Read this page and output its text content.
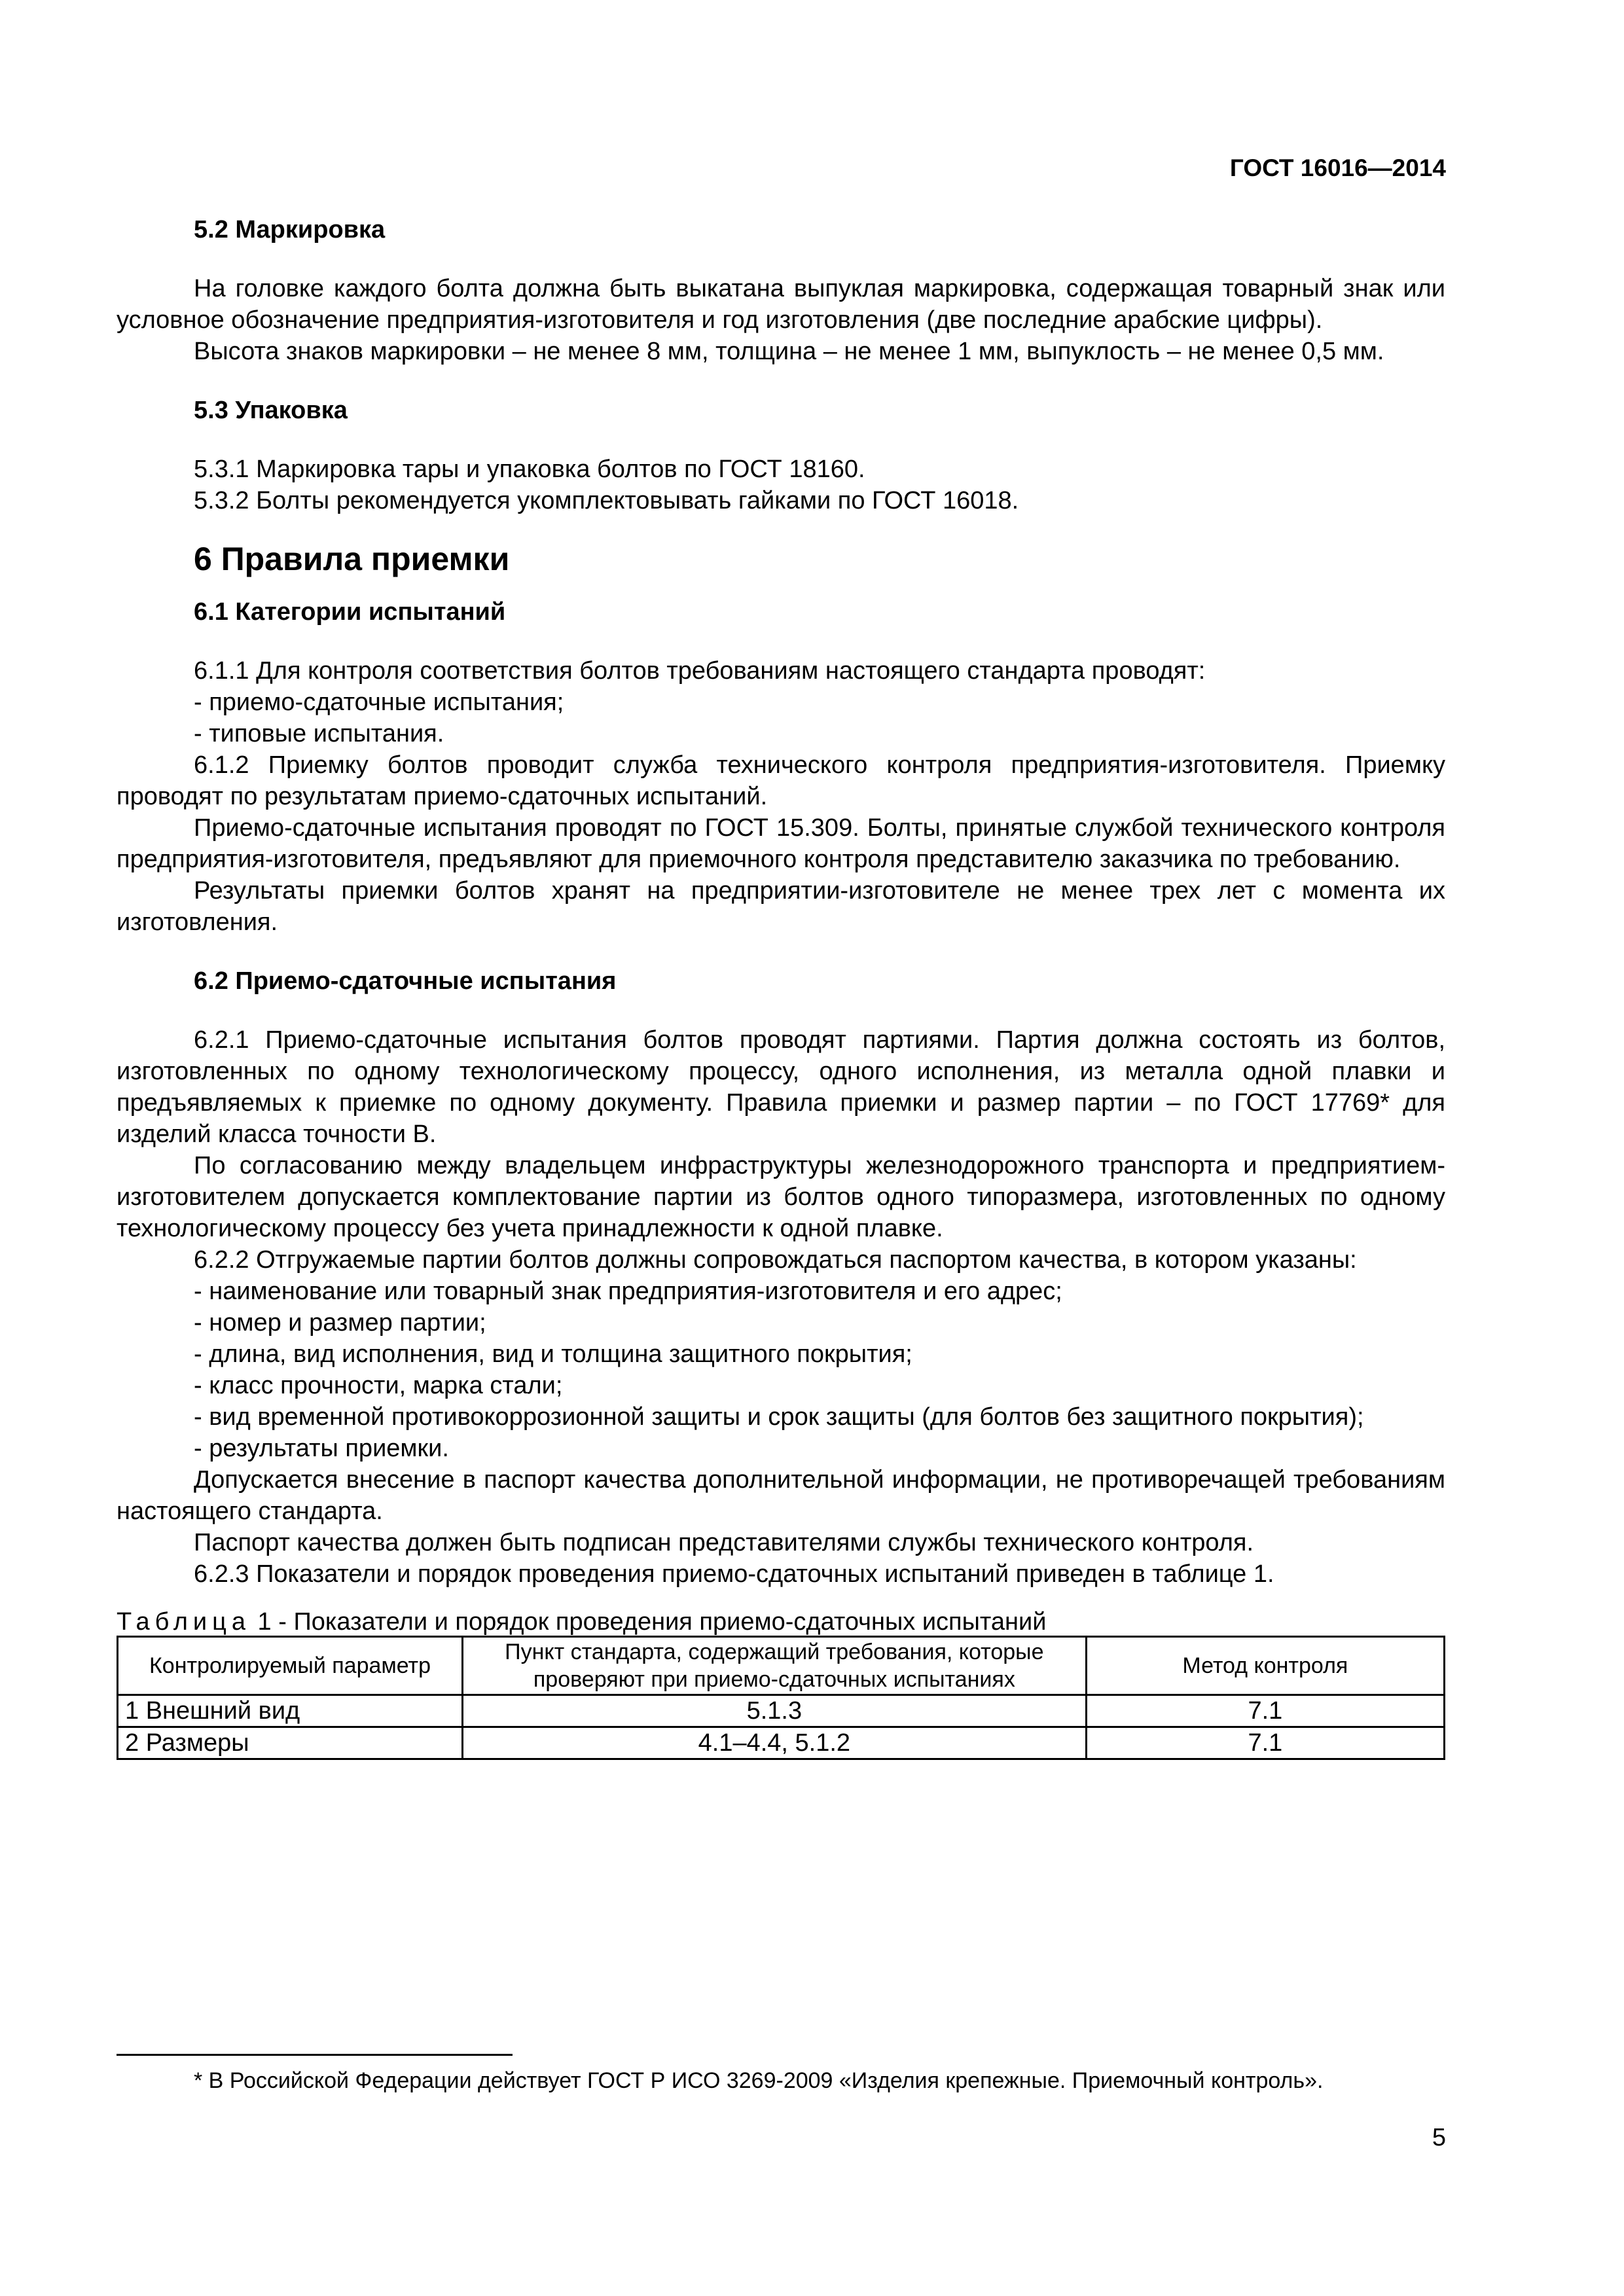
ГОСТ 16016—2014

5.2 Маркировка

На головке каждого болта должна быть выкатана выпуклая маркировка, содержащая товарный знак или условное обозначение предприятия-изготовителя и год изготовления (две последние арабские цифры).

Высота знаков маркировки – не менее 8 мм, толщина – не менее 1 мм, выпуклость – не менее 0,5 мм.

5.3 Упаковка

5.3.1 Маркировка тары и упаковка болтов по ГОСТ 18160.

5.3.2 Болты рекомендуется укомплектовывать гайками по ГОСТ 16018.

6 Правила приемки

6.1 Категории испытаний

6.1.1 Для контроля соответствия болтов требованиям настоящего стандарта проводят:

- приемо-сдаточные испытания;

- типовые испытания.

6.1.2 Приемку болтов проводит служба технического контроля предприятия-изготовителя. Приемку проводят по результатам приемо-сдаточных испытаний.

Приемо-сдаточные испытания проводят по ГОСТ 15.309. Болты, принятые службой технического контроля предприятия-изготовителя, предъявляют для приемочного контроля представителю заказчика по требованию.

Результаты приемки болтов хранят на предприятии-изготовителе не менее трех лет с момента их изготовления.

6.2 Приемо-сдаточные испытания

6.2.1 Приемо-сдаточные испытания болтов проводят партиями. Партия должна состоять из болтов, изготовленных по одному технологическому процессу, одного исполнения, из металла одной плавки и предъявляемых к приемке по одному документу. Правила приемки и размер партии – по ГОСТ 17769* для изделий класса точности В.

По согласованию между владельцем инфраструктуры железнодорожного транспорта и предприятием-изготовителем допускается комплектование партии из болтов одного типоразмера, изготовленных по одному технологическому процессу без учета принадлежности к одной плавке.

6.2.2 Отгружаемые партии болтов должны сопровождаться паспортом качества, в котором указаны:

- наименование или товарный знак предприятия-изготовителя и его адрес;

- номер и размер партии;

- длина, вид исполнения, вид и толщина защитного покрытия;

- класс прочности, марка стали;

- вид временной противокоррозионной защиты и срок защиты (для болтов без защитного покрытия);

- результаты приемки.

Допускается внесение в паспорт качества дополнительной информации, не противоречащей требованиям настоящего стандарта.

Паспорт качества должен быть подписан представителями службы технического контроля.

6.2.3 Показатели и порядок проведения приемо-сдаточных испытаний приведен в таблице 1.

Таблица 1 - Показатели и порядок проведения приемо-сдаточных испытаний

Контролируемый параметр	Пункт стандарта, содержащий требования, которые проверяют при приемо-сдаточных испытаниях	Метод контроля
1 Внешний вид	5.1.3	7.1
2 Размеры	4.1–4.4, 5.1.2	7.1
* В Российской Федерации действует ГОСТ Р ИСО 3269-2009 «Изделия крепежные. Приемочный контроль».
5
